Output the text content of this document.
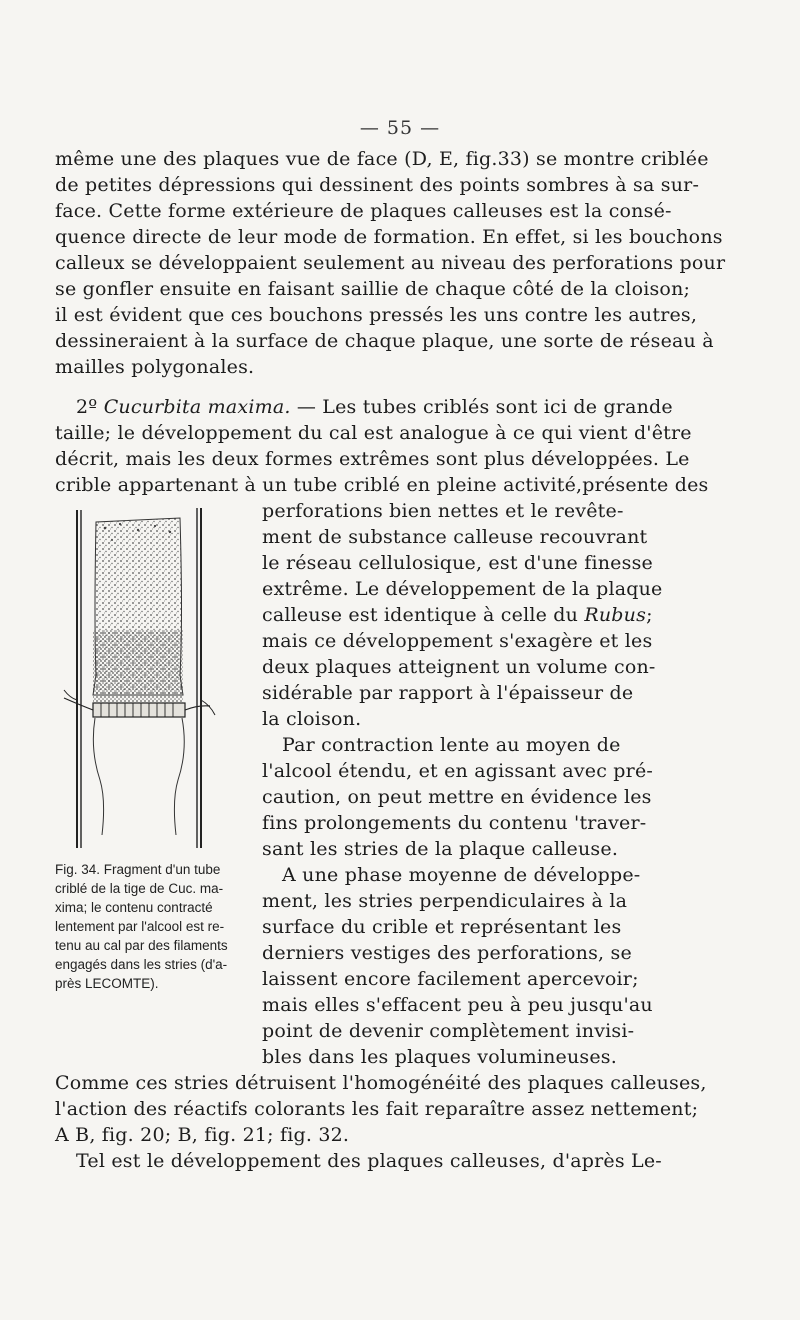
— 55 —
même une des plaques vue de face (D, E, fig.33) se montre criblée
de petites dépressions qui dessinent des points sombres à sa sur-
face. Cette forme extérieure de plaques calleuses est la consé-
quence directe de leur mode de formation. En effet, si les bouchons
calleux se développaient seulement au niveau des perforations pour
se gonfler ensuite en faisant saillie de chaque côté de la cloison;
il est évident que ces bouchons pressés les uns contre les autres,
dessineraient à la surface de chaque plaque, une sorte de réseau à
mailles polygonales.
2º Cucurbita maxima. — Les tubes criblés sont ici de grande
taille; le développement du cal est analogue à ce qui vient d'être
décrit, mais les deux formes extrêmes sont plus développées. Le
crible appartenant à un tube criblé en pleine activité,présente des
perforations bien nettes et le revête-
ment de substance calleuse recouvrant
le réseau cellulosique, est d'une finesse
extrême. Le développement de la plaque
calleuse est identique à celle du Rubus;
mais ce développement s'exagère et les
deux plaques atteignent un volume con-
sidérable par rapport à l'épaisseur de
la cloison.
Par contraction lente au moyen de
l'alcool étendu, et en agissant avec pré-
caution, on peut mettre en évidence les
fins prolongements du contenu 'traver-
sant les stries de la plaque calleuse.
A une phase moyenne de développe-
ment, les stries perpendiculaires à la
surface du crible et représentant les
derniers vestiges des perforations, se
laissent encore facilement apercevoir;
mais elles s'effacent peu à peu jusqu'au
point de devenir complètement invisi-
bles dans les plaques volumineuses.
Comme ces stries détruisent l'homogénéité des plaques calleuses,
l'action des réactifs colorants les fait reparaître assez nettement;
A B, fig. 20; B, fig. 21; fig. 32.
Tel est le développement des plaques calleuses, d'après Le-
Fig. 34. Fragment d'un tube
criblé de la tige de Cuc. ma-
xima; le contenu contracté
lentement par l'alcool est re-
tenu au cal par des filaments
engagés dans les stries (d'a-
près LECOMTE).
